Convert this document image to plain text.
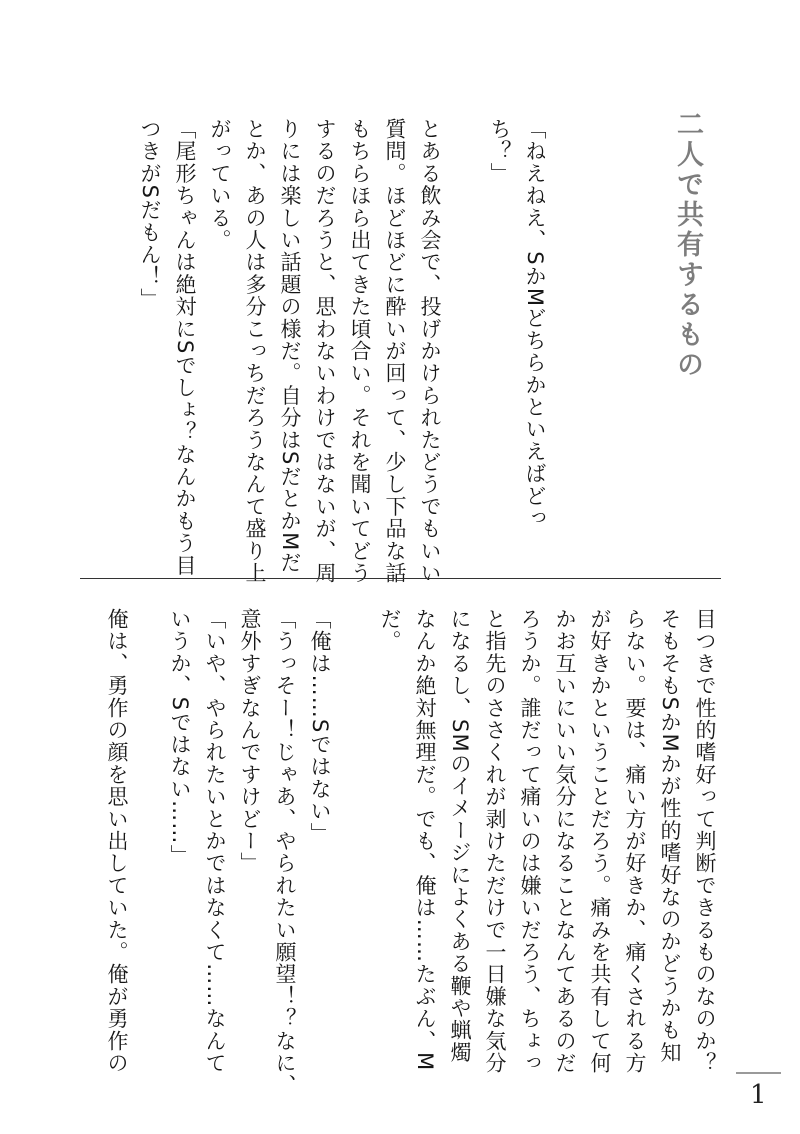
二人で共有するもの

「ねえねえ、SかMどちらかといえばどっ

ち？」

とある飲み会で、投げかけられたどうでもいい

質問。ほどほどに酔いが回って、少し下品な話

もちらほら出てきた頃合い。それを聞いてどう

するのだろうと、思わないわけではないが、周

りには楽しい話題の様だ。自分はSだとかMだ

とか、あの人は多分こっちだろうなんて盛り上

がっている。

「尾形ちゃんは絶対にSでしょ？なんかもう目

つきがSだもん！」

目つきで性的嗜好って判断できるものなのか？

そもそもSかMかが性的嗜好なのかどうかも知

らない。要は、痛い方が好きか、痛くされる方

が好きかということだろう。痛みを共有して何

かお互いにいい気分になることなんてあるのだ

ろうか。誰だって痛いのは嫌いだろう、ちょっ

と指先のささくれが剥けただけで一日嫌な気分

になるし、SMのイメージによくある鞭や蝋燭

なんか絶対無理だ。でも、俺は……たぶん、M

だ。

「俺は……Sではない」

「うっそー！じゃあ、やられたい願望！？なに、

意外すぎなんですけどー」

「いや、やられたいとかではなくて……なんて

いうか、Sではない……」

俺は、勇作の顔を思い出していた。俺が勇作の

1
